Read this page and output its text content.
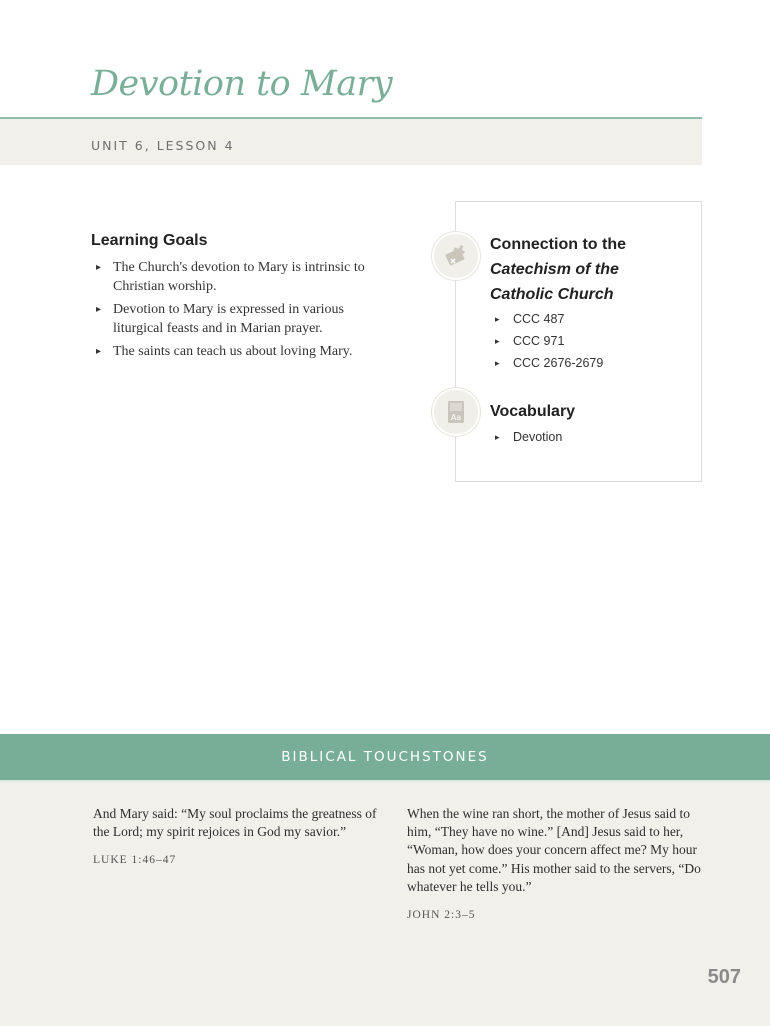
Devotion to Mary
UNIT 6, LESSON 4
Learning Goals
▸ The Church's devotion to Mary is intrinsic to Christian worship.
▸ Devotion to Mary is expressed in various liturgical feasts and in Marian prayer.
▸ The saints can teach us about loving Mary.
Connection to the
Catechism of the
Catholic Church
▸ CCC 487
▸ CCC 971
▸ CCC 2676-2679
Aa Vocabulary
▸ Devotion
BIBLICAL TOUCHSTONES
And Mary said: “My soul proclaims the greatness of the Lord; my spirit rejoices in God my savior.”
LUKE 1:46–47
When the wine ran short, the mother of Jesus said to him, “They have no wine.” [And] Jesus said to her, “Woman, how does your concern affect me? My hour has not yet come.” His mother said to the servers, “Do whatever he tells you.”
JOHN 2:3–5
507
